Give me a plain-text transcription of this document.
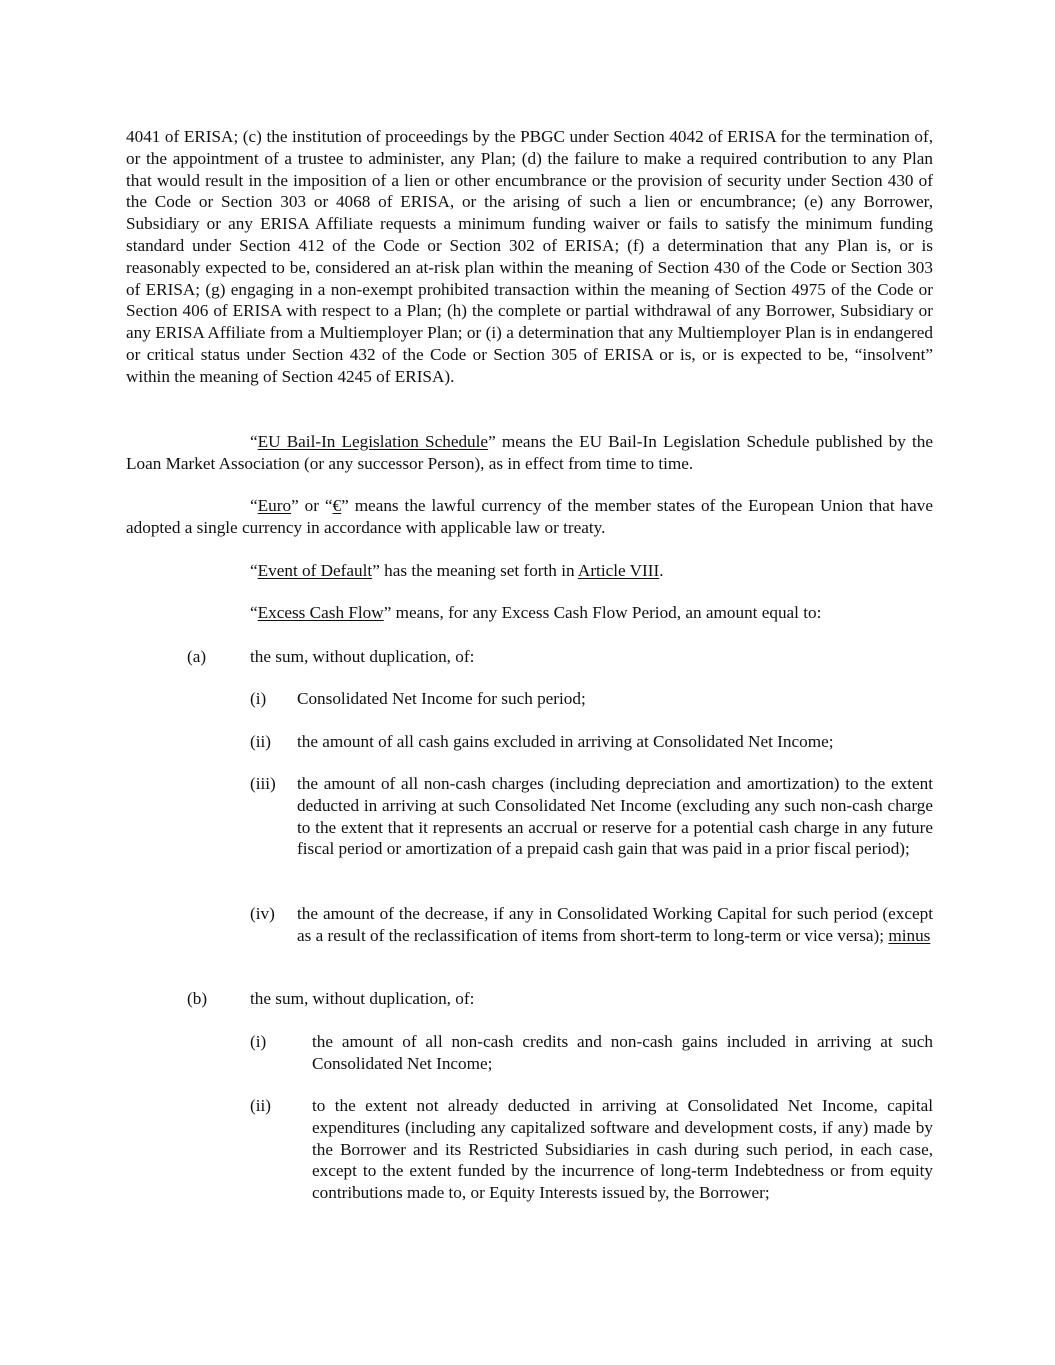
4041 of ERISA; (c) the institution of proceedings by the PBGC under Section 4042 of ERISA for the termination of, or the appointment of a trustee to administer, any Plan; (d) the failure to make a required contribution to any Plan that would result in the imposition of a lien or other encumbrance or the provision of security under Section 430 of the Code or Section 303 or 4068 of ERISA, or the arising of such a lien or encumbrance; (e) any Borrower, Subsidiary or any ERISA Affiliate requests a minimum funding waiver or fails to satisfy the minimum funding standard under Section 412 of the Code or Section 302 of ERISA; (f) a determination that any Plan is, or is reasonably expected to be, considered an at-risk plan within the meaning of Section 430 of the Code or Section 303 of ERISA; (g) engaging in a non-exempt prohibited transaction within the meaning of Section 4975 of the Code or Section 406 of ERISA with respect to a Plan; (h) the complete or partial withdrawal of any Borrower, Subsidiary or any ERISA Affiliate from a Multiemployer Plan; or (i) a determination that any Multiemployer Plan is in endangered or critical status under Section 432 of the Code or Section 305 of ERISA or is, or is expected to be, “insolvent” within the meaning of Section 4245 of ERISA).

“EU Bail-In Legislation Schedule” means the EU Bail-In Legislation Schedule published by the Loan Market Association (or any successor Person), as in effect from time to time.

“Euro” or “€” means the lawful currency of the member states of the European Union that have adopted a single currency in accordance with applicable law or treaty.

“Event of Default” has the meaning set forth in Article VIII.

“Excess Cash Flow” means, for any Excess Cash Flow Period, an amount equal to:

(a)	the sum, without duplication, of:
(i) Consolidated Net Income for such period;

(ii) the amount of all cash gains excluded in arriving at Consolidated Net Income;

(iii) the amount of all non-cash charges (including depreciation and amortization) to the extent deducted in arriving at such Consolidated Net Income (excluding any such non-cash charge to the extent that it represents an accrual or reserve for a potential cash charge in any future fiscal period or amortization of a prepaid cash gain that was paid in a prior fiscal period);

(iv) the amount of the decrease, if any in Consolidated Working Capital for such period (except as a result of the reclassification of items from short-term to long-term or vice versa); minus

(b) the sum, without duplication, of:
(i)	the amount of all non-cash credits and non-cash gains included in arriving at such Consolidated Net Income;

(ii) to the extent not already deducted in arriving at Consolidated Net Income, capital expenditures (including any capitalized software and development costs, if any) made by the Borrower and its Restricted Subsidiaries in cash during such period, in each case, except to the extent funded by the incurrence of long-term Indebtedness or from equity contributions made to, or Equity Interests issued by, the Borrower;
